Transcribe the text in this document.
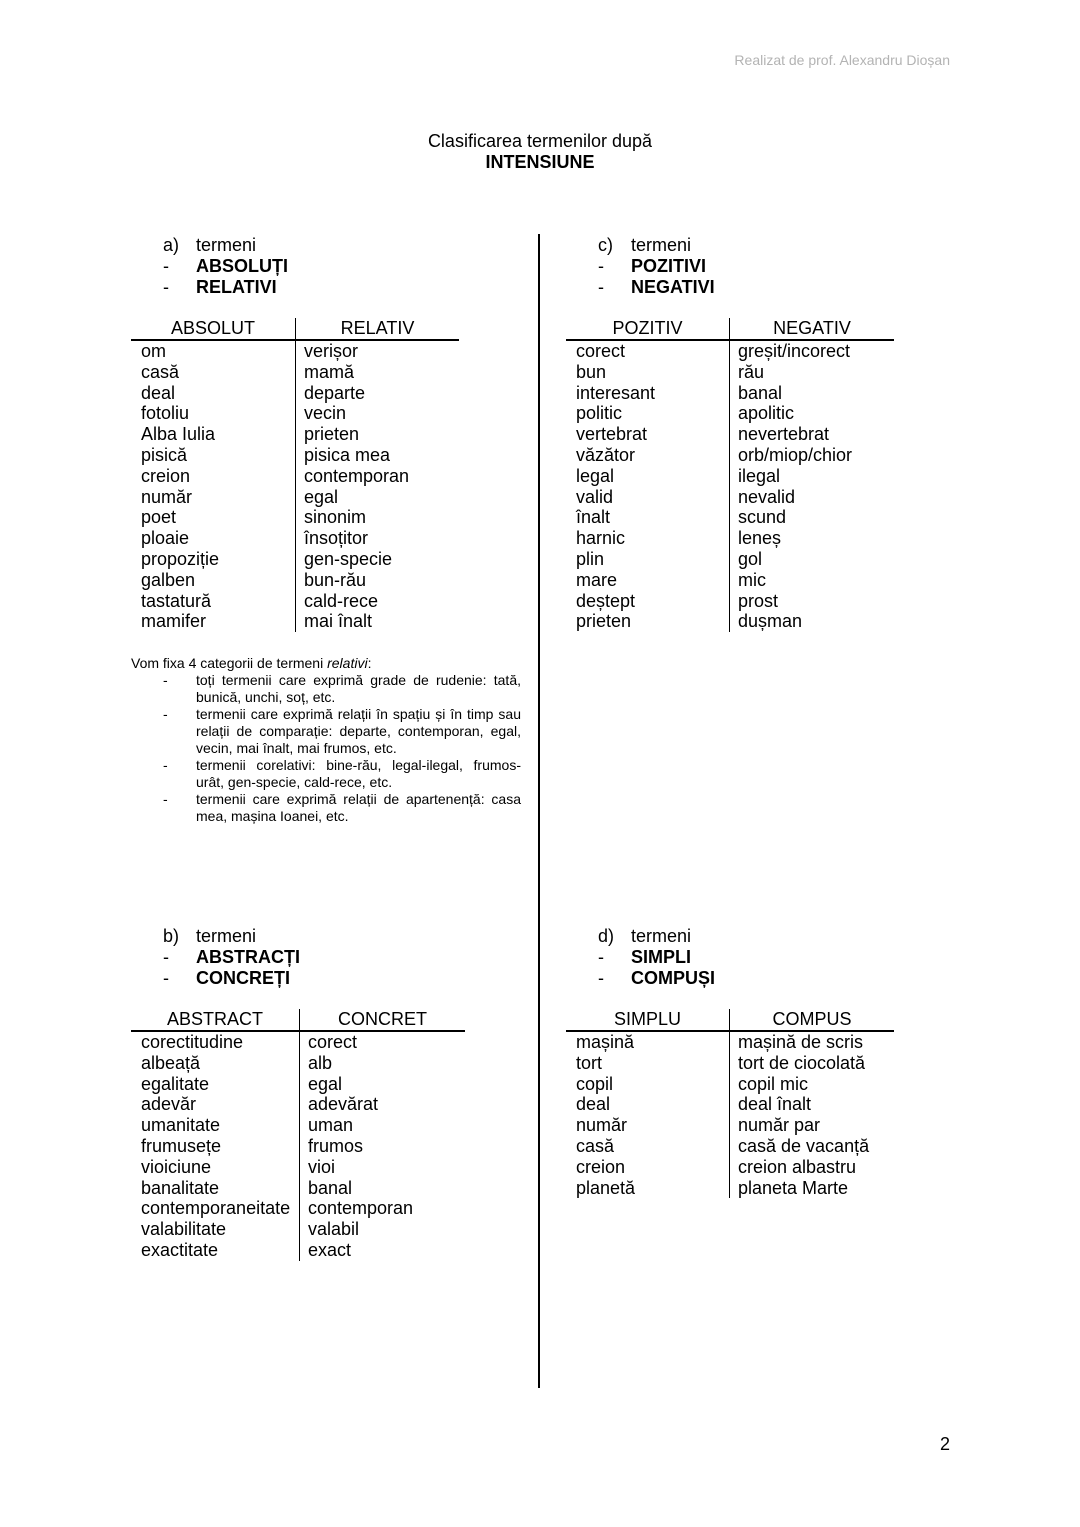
Realizat de prof. Alexandru Dioșan
Clasificarea termenilor după
INTENSIUNE
a) termeni
-	ABSOLUȚI
-	RELATIVI
ABSOLUT	RELATIV
om	verișor
casă	mamă
deal	departe
fotoliu	vecin
Alba Iulia	prieten
pisică	pisica mea
creion	contemporan
număr	egal
poet	sinonim
ploaie	însoțitor
propoziție	gen-specie
galben	bun-rău
tastatură	cald-rece
mamifer	mai înalt
c)	termeni
-	POZITIVI
-	NEGATIVI
POZITIV	NEGATIV
corect	greșit/incorect
bun	rău
interesant	banal
politic	apolitic
vertebrat	nevertebrat
văzător	orb/miop/chior
legal	ilegal
valid	nevalid
înalt	scund
harnic	leneș
plin	gol
mare	mic
deștept	prost
prieten	dușman
Vom fixa 4 categorii de termeni relativi:
-	toți termenii care exprimă grade de rudenie: tată, bunică, unchi, soț, etc.
-	termenii care exprimă relații în spațiu și în timp sau relații de comparație: departe, contemporan, egal, vecin, mai înalt, mai frumos, etc.
-	termenii corelativi: bine-rău, legal-ilegal, frumos-urât, gen-specie, cald-rece, etc.
-	termenii care exprimă relații de apartenență: casa mea, mașina Ioanei, etc.
b) termeni
-	ABSTRACȚI
-	CONCREȚI
ABSTRACT	CONCRET
corectitudine	corect
albeață	alb
egalitate	egal
adevăr	adevărat
umanitate	uman
frumusețe	frumos
vioiciune	vioi
banalitate	banal
contemporaneitate	contemporan
valabilitate	valabil
exactitate	exact
d) termeni
-	SIMPLI
-	COMPUȘI
SIMPLU	COMPUS
mașină	mașină de scris
tort	tort de ciocolată
copil	copil mic
deal	deal înalt
număr	număr par
casă	casă de vacanță
creion	creion albastru
planetă	planeta Marte
2
